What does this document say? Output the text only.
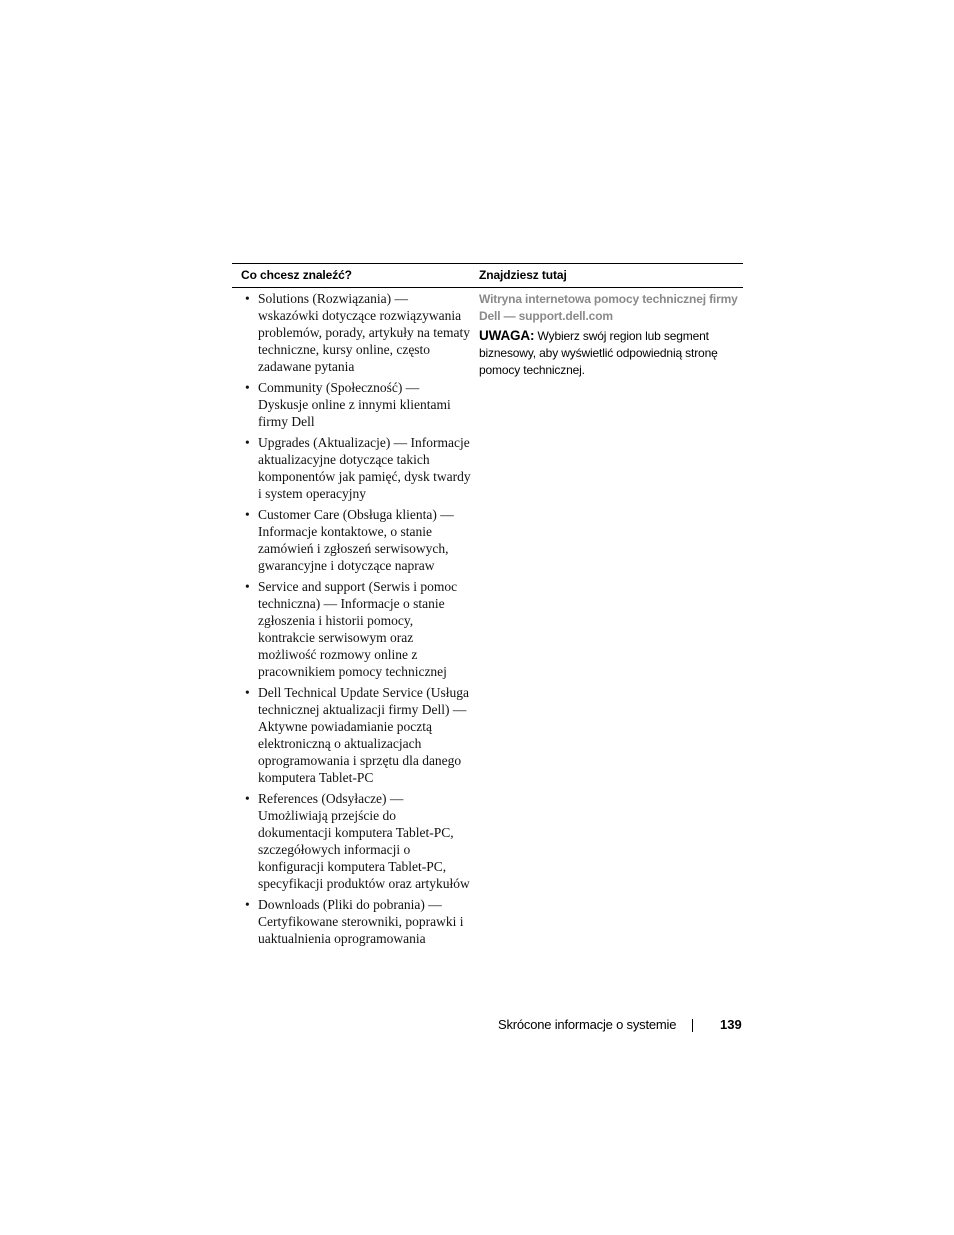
Co chcesz znaleźć?	Znajdziesz tutaj
• Solutions (Rozwiązania) — wskazówki dotyczące rozwiązywania problemów, porady, artykuły na tematy techniczne, kursy online, często zadawane pytania
• Community (Społeczność) — Dyskusje online z innymi klientami firmy Dell
• Upgrades (Aktualizacje) — Informacje aktualizacyjne dotyczące takich komponentów jak pamięć, dysk twardy i system operacyjny
• Customer Care (Obsługa klienta) — Informacje kontaktowe, o stanie zamówień i zgłoszeń serwisowych, gwarancyjne i dotyczące napraw
• Service and support (Serwis i pomoc techniczna) — Informacje o stanie zgłoszenia i historii pomocy, kontrakcie serwisowym oraz możliwość rozmowy online z pracownikiem pomocy technicznej
• Dell Technical Update Service (Usługa technicznej aktualizacji firmy Dell) — Aktywne powiadamianie pocztą elektroniczną o aktualizacjach oprogramowania i sprzętu dla danego komputera Tablet-PC
• References (Odsyłacze) — Umożliwiają przejście do dokumentacji komputera Tablet-PC, szczegółowych informacji o konfiguracji komputera Tablet-PC, specyfikacji produktów oraz artykułów
• Downloads (Pliki do pobrania) — Certyfikowane sterowniki, poprawki i uaktualnienia oprogramowania
Witryna internetowa pomocy technicznej firmy Dell — support.dell.com
UWAGA: Wybierz swój region lub segment biznesowy, aby wyświetlić odpowiednią stronę pomocy technicznej.
Skrócone informacje o systemie	139
